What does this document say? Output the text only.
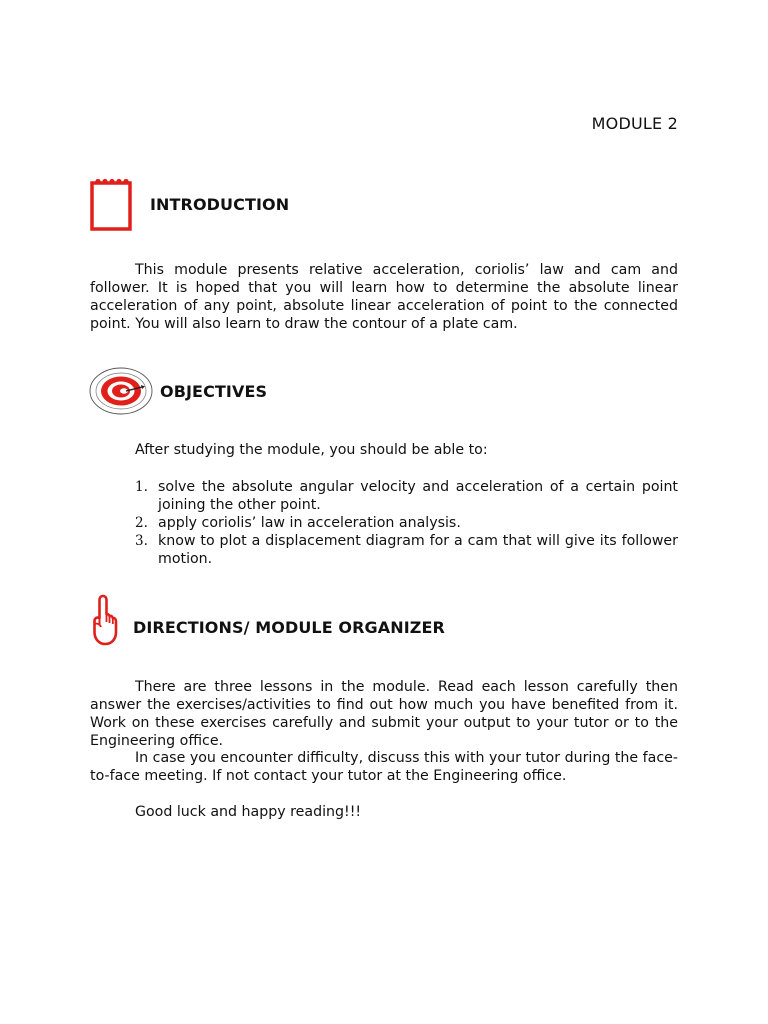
MODULE 2
INTRODUCTION

This module presents relative acceleration, coriolis’ law and cam and follower. It is hoped that you will learn how to determine the absolute linear acceleration of any point, absolute linear acceleration of point to the connected point. You will also learn to draw the contour of a plate cam.

OBJECTIVES
After studying the module, you should be able to:
1. solve the absolute angular velocity and acceleration of a certain point joining the other point.
2. apply coriolis’ law in acceleration analysis.
3. know to plot a displacement diagram for a cam that will give its follower motion.
DIRECTIONS/ MODULE ORGANIZER

There are three lessons in the module. Read each lesson carefully then answer the exercises/activities to find out how much you have benefited from it. Work on these exercises carefully and submit your output to your tutor or to the Engineering office.

In case you encounter difficulty, discuss this with your tutor during the face-to-face meeting. If not contact your tutor at the Engineering office.

Good luck and happy reading!!!
